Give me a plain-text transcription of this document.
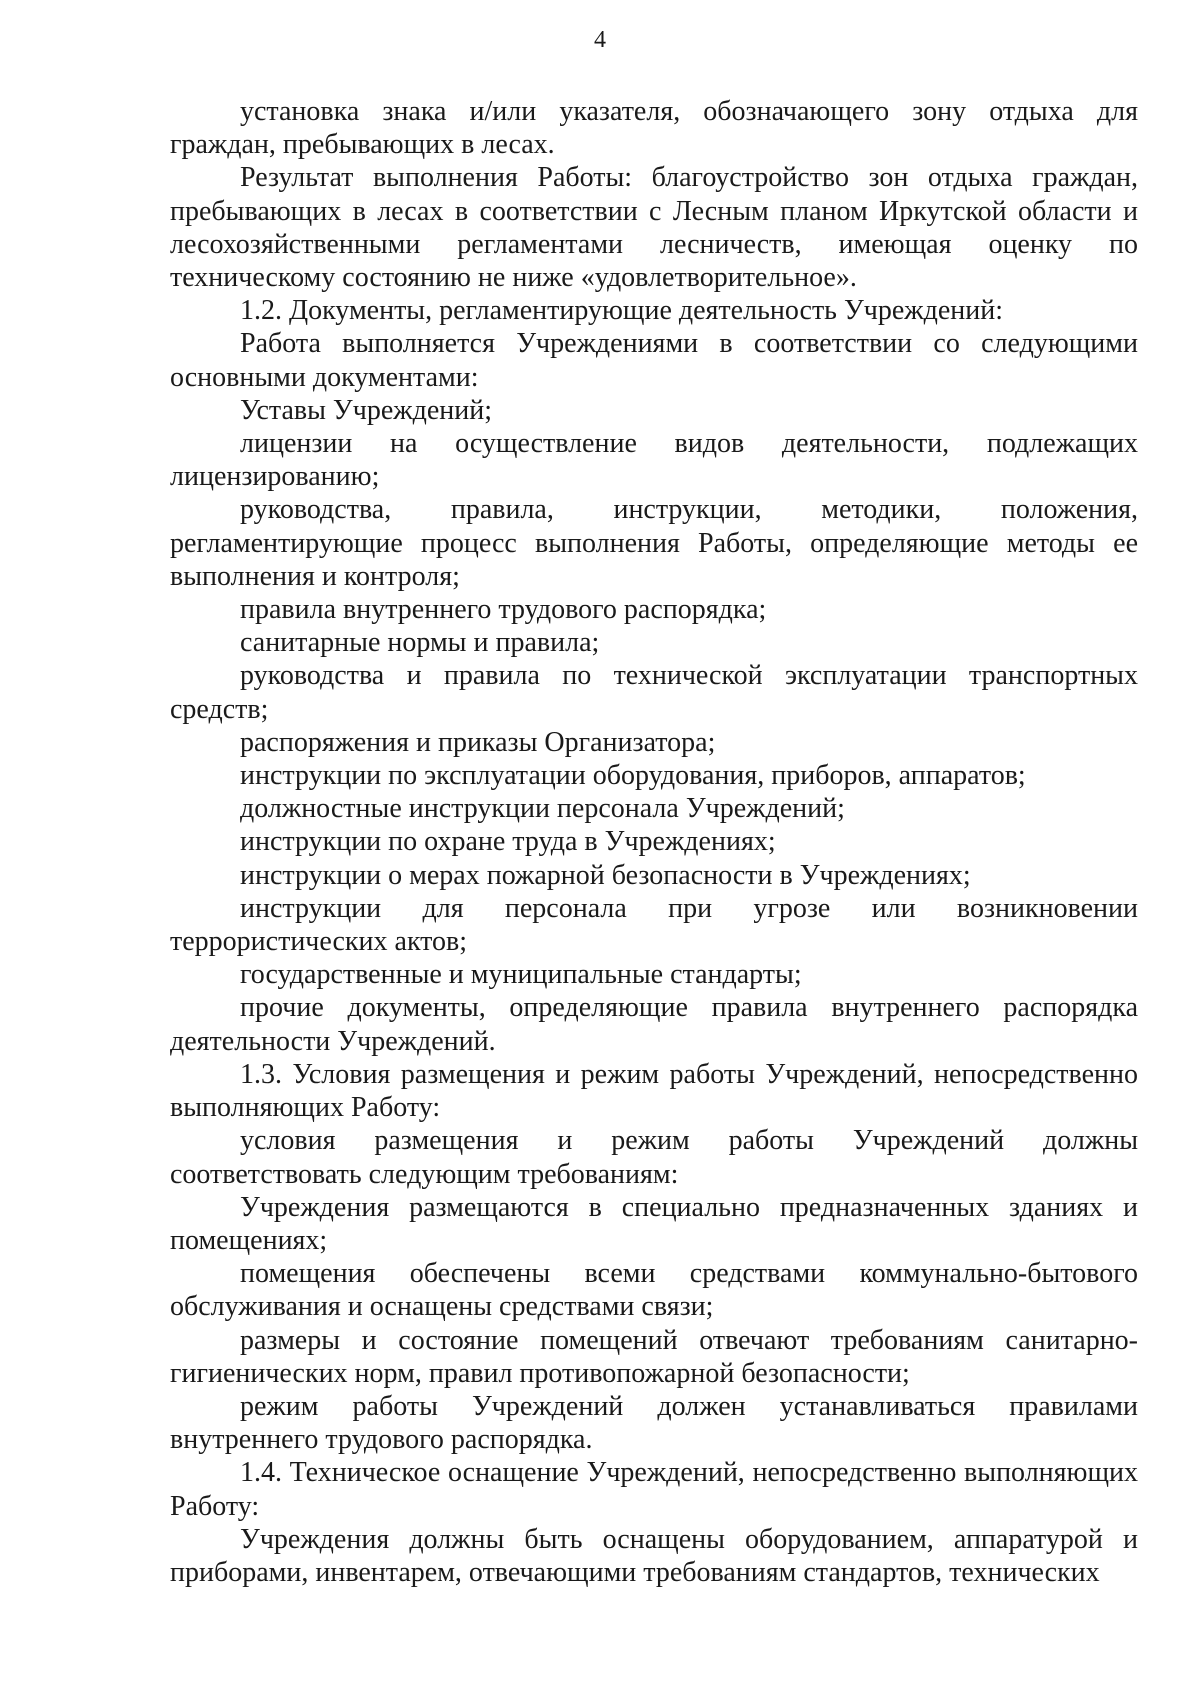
4

установка знака и/или указателя, обозначающего зону отдыха для граждан, пребывающих в лесах.

Результат выполнения Работы: благоустройство зон отдыха граждан, пребывающих в лесах в соответствии с Лесным планом Иркутской области и лесохозяйственными регламентами лесничеств, имеющая оценку по техническому состоянию не ниже «удовлетворительное».

1.2. Документы, регламентирующие деятельность Учреждений:

Работа выполняется Учреждениями в соответствии со следующими основными документами:

Уставы Учреждений;

лицензии на осуществление видов деятельности, подлежащих лицензированию;

руководства, правила, инструкции, методики, положения, регламентирующие процесс выполнения Работы, определяющие методы ее выполнения и контроля;

правила внутреннего трудового распорядка;

санитарные нормы и правила;

руководства и правила по технической эксплуатации транспортных средств;

распоряжения и приказы Организатора;

инструкции по эксплуатации оборудования, приборов, аппаратов;

должностные инструкции персонала Учреждений;

инструкции по охране труда в Учреждениях;

инструкции о мерах пожарной безопасности в Учреждениях;

инструкции для персонала при угрозе или возникновении террористических актов;

государственные и муниципальные стандарты;

прочие документы, определяющие правила внутреннего распорядка деятельности Учреждений.

1.3. Условия размещения и режим работы Учреждений, непосредственно выполняющих Работу:

условия размещения и режим работы Учреждений должны соответствовать следующим требованиям:

Учреждения размещаются в специально предназначенных зданиях и помещениях;

помещения обеспечены всеми средствами коммунально-бытового обслуживания и оснащены средствами связи;

размеры и состояние помещений отвечают требованиям санитарно-гигиенических норм, правил противопожарной безопасности;

режим работы Учреждений должен устанавливаться правилами внутреннего трудового распорядка.

1.4. Техническое оснащение Учреждений, непосредственно выполняющих Работу:

Учреждения должны быть оснащены оборудованием, аппаратурой и приборами, инвентарем, отвечающими требованиям стандартов, технических
